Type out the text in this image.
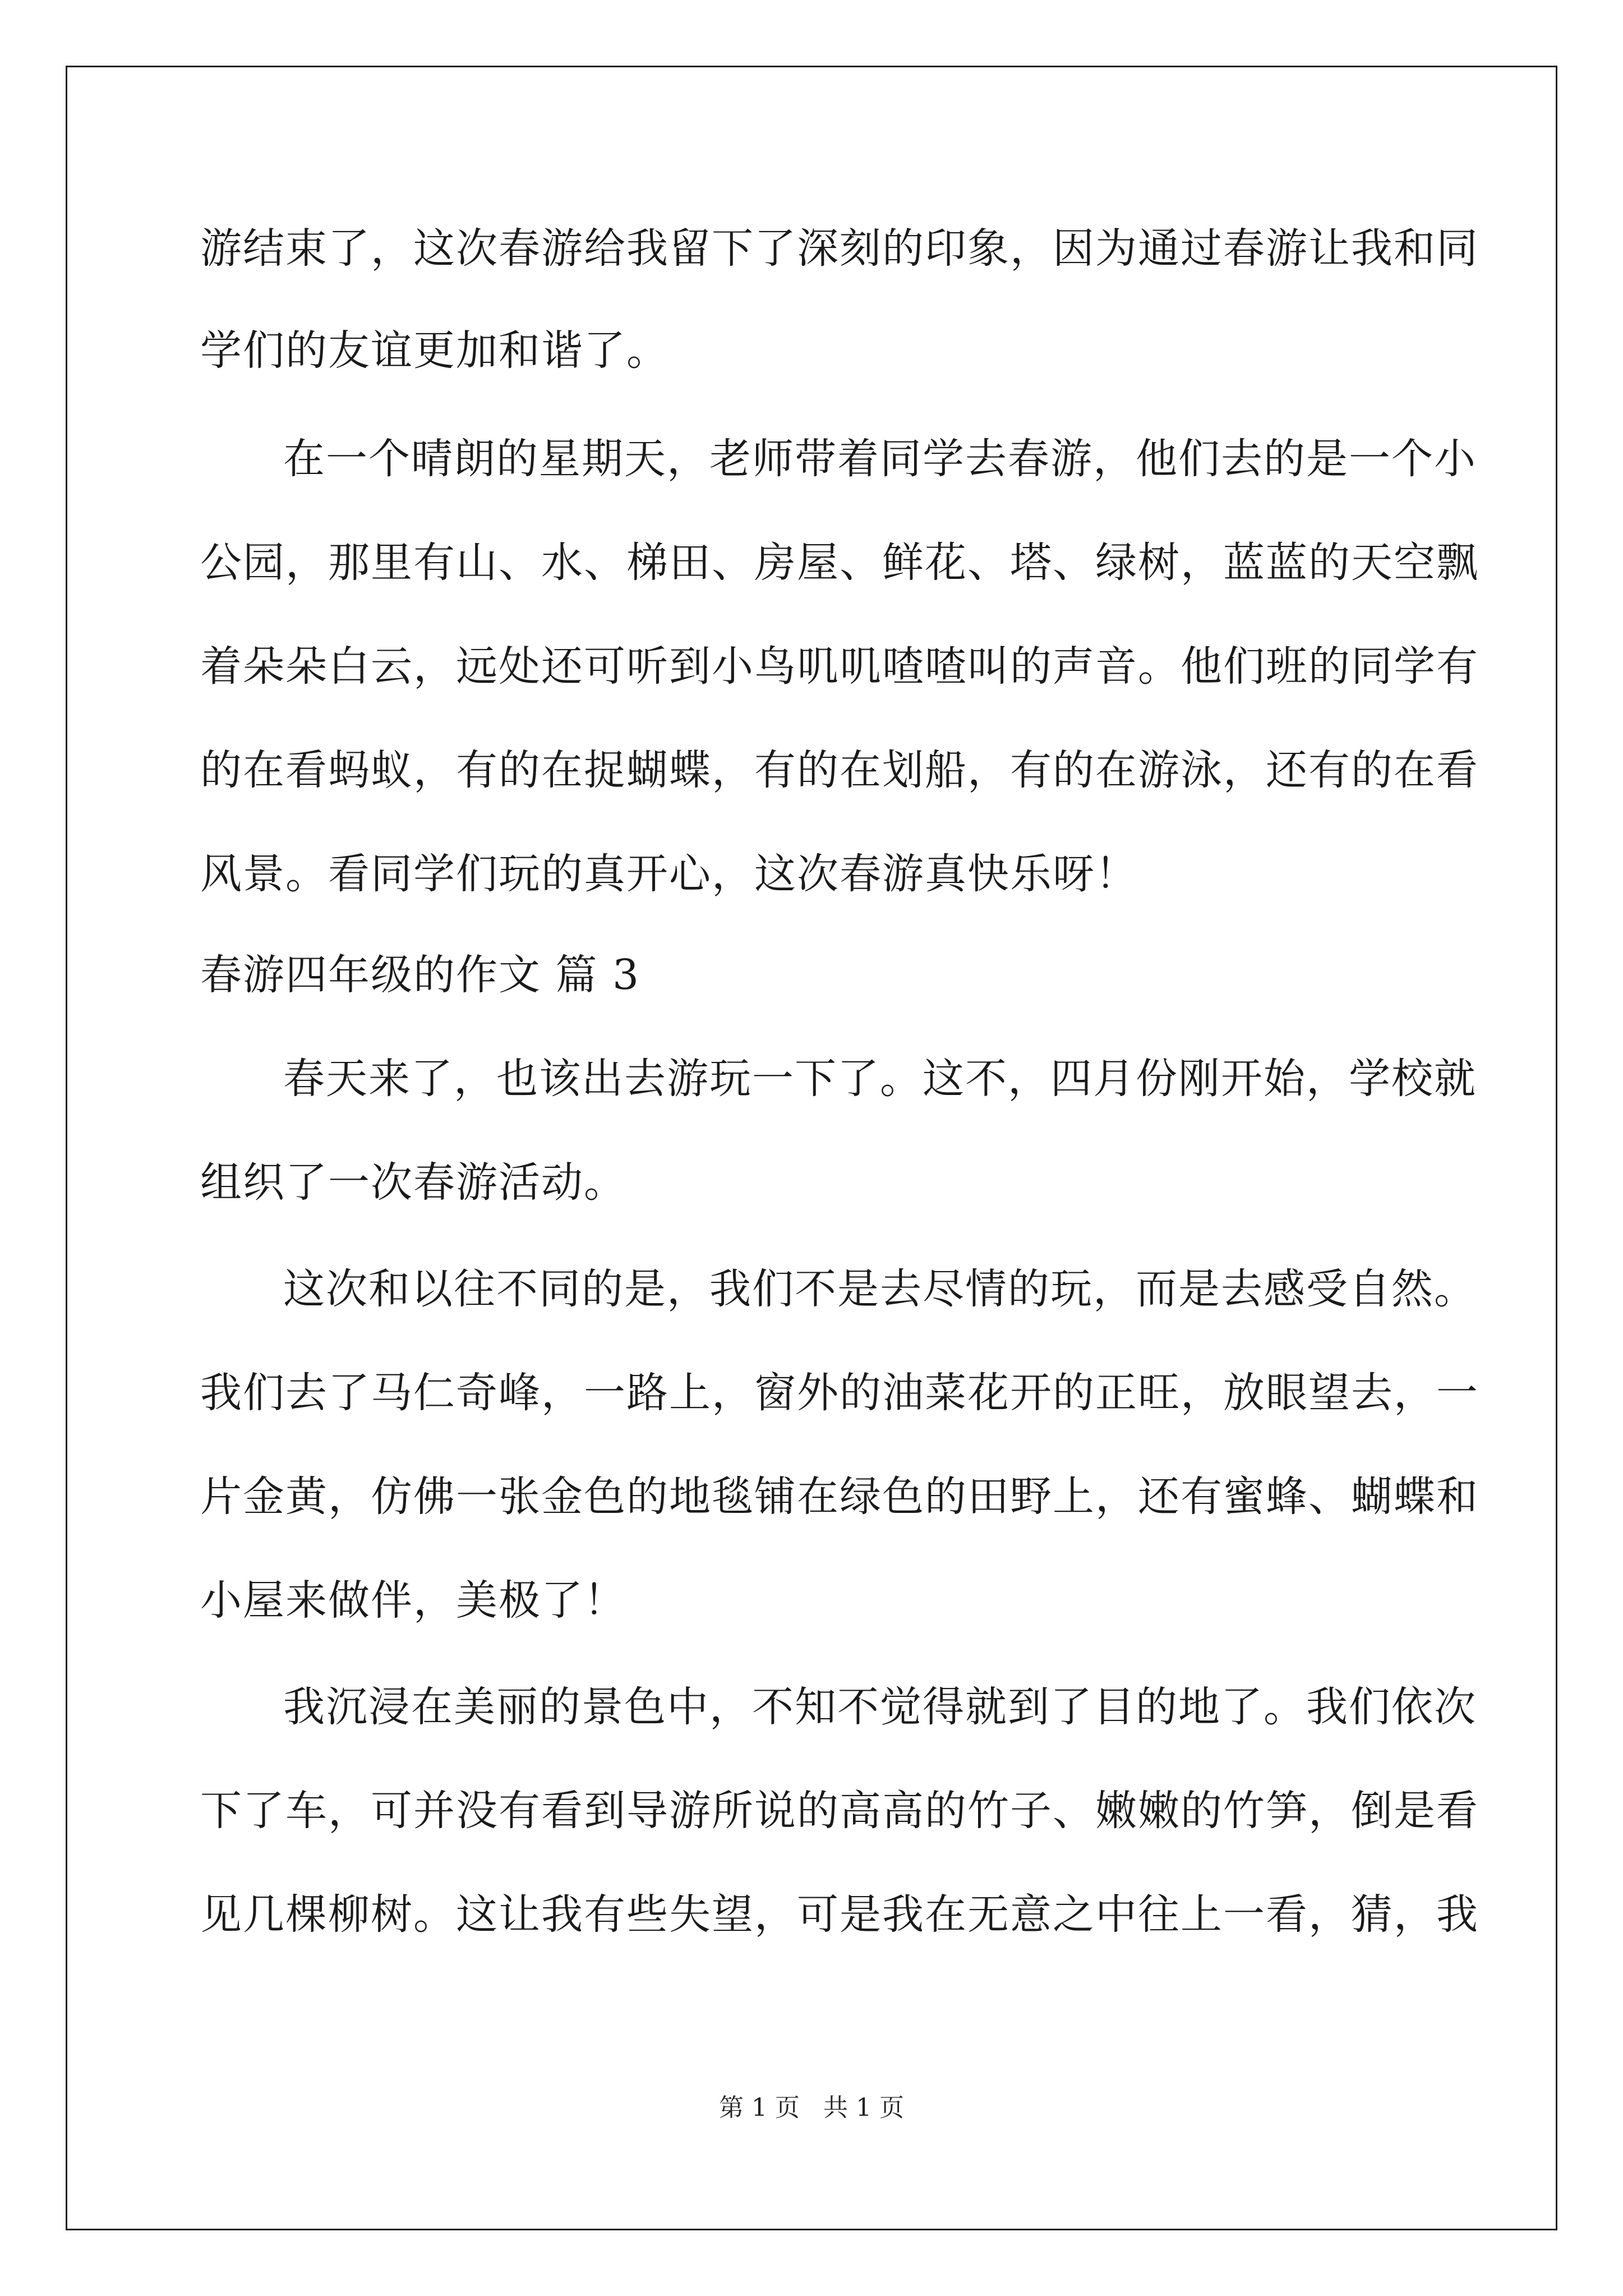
游结束了，这次春游给我留下了深刻的印象，因为通过春游让我和同
学们的友谊更加和谐了。
在一个晴朗的星期天，老师带着同学去春游，他们去的是一个小
公园，那里有山、水、梯田、房屋、鲜花、塔、绿树，蓝蓝的天空飘
着朵朵白云，远处还可听到小鸟叽叽喳喳叫的声音。他们班的同学有
的在看蚂蚁，有的在捉蝴蝶，有的在划船，有的在游泳，还有的在看
风景。看同学们玩的真开心，这次春游真快乐呀！
春游四年级的作文 篇 3
春天来了，也该出去游玩一下了。这不，四月份刚开始，学校就
组织了一次春游活动。
这次和以往不同的是，我们不是去尽情的玩，而是去感受自然。
我们去了马仁奇峰，一路上，窗外的油菜花开的正旺，放眼望去，一
片金黄，仿佛一张金色的地毯铺在绿色的田野上，还有蜜蜂、蝴蝶和
小屋来做伴，美极了！
我沉浸在美丽的景色中，不知不觉得就到了目的地了。我们依次
下了车，可并没有看到导游所说的高高的竹子、嫩嫩的竹笋，倒是看
见几棵柳树。这让我有些失望，可是我在无意之中往上一看，猜，我
第 1 页   共 1 页
